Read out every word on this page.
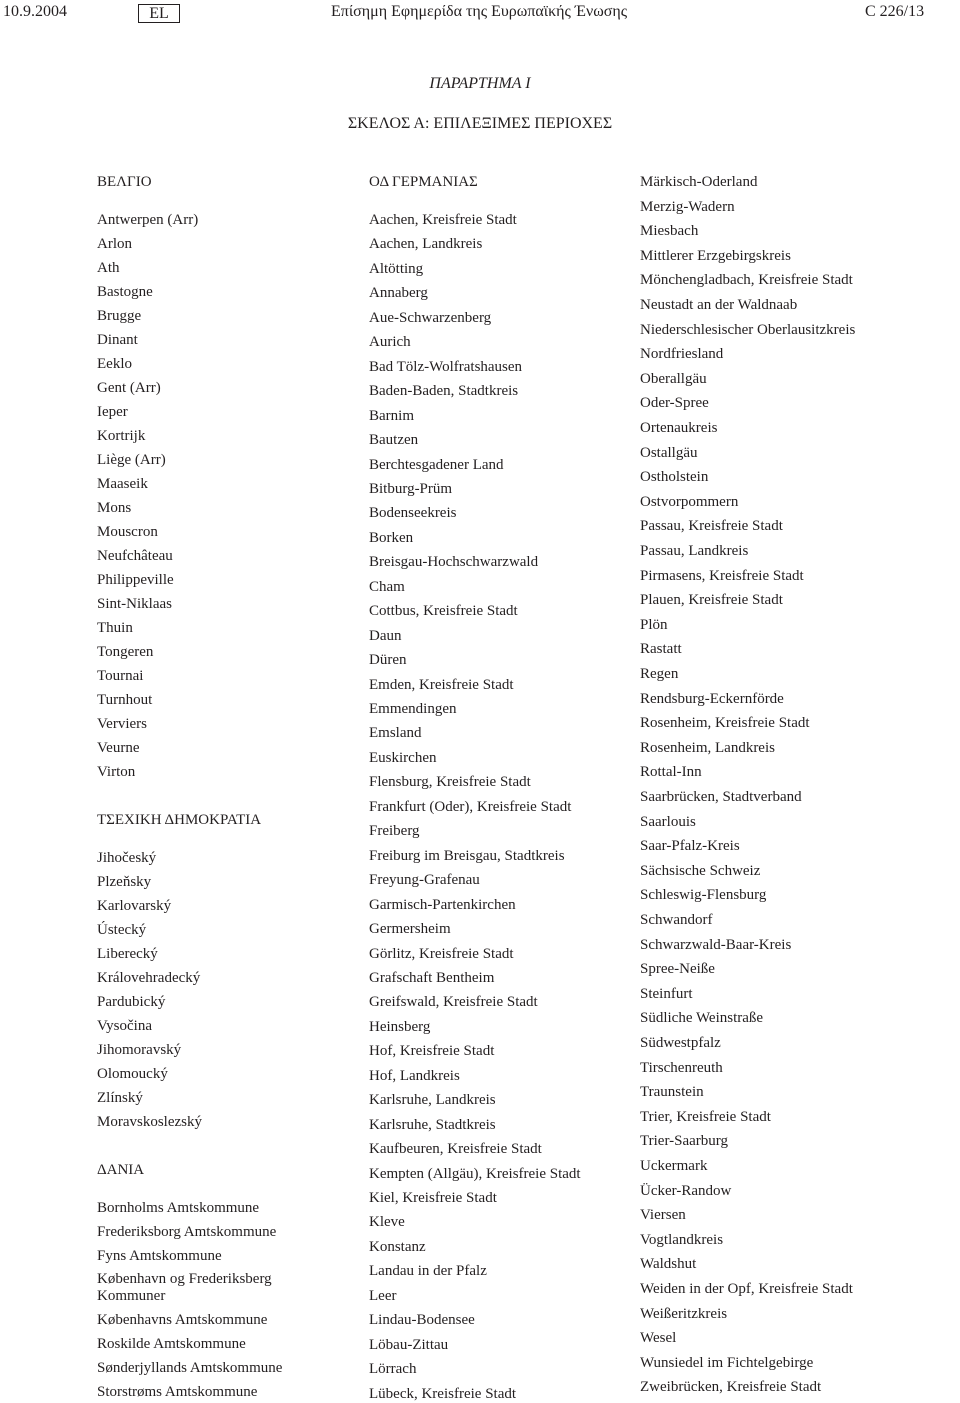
10.9.2004	EL	Επίσημη Εφημερίδα της Ευρωπαϊκής Ένωσης	C 226/13
ΠΑΡΑΡΤΗΜΑ Ι
ΣΚΕΛΟΣ Α: ΕΠΙΛΕΞΙΜΕΣ ΠΕΡΙΟΧΕΣ
ΒΕΛΓΙΟ
Antwerpen (Arr)
Arlon
Ath
Bastogne
Brugge
Dinant
Eeklo
Gent (Arr)
Ieper
Kortrijk
Liège (Arr)
Maaseik
Mons
Mouscron
Neufchâteau
Philippeville
Sint-Niklaas
Thuin
Tongeren
Tournai
Turnhout
Verviers
Veurne
Virton
ΤΣΕΧΙΚΗ ΔΗΜΟΚΡΑΤΙΑ
Jihočeský
Plzeňsky
Karlovarský
Ústecký
Liberecký
Královehradecký
Pardubický
Vysočina
Jihomoravský
Olomoucký
Zlínský
Moravskoslezský
ΔΑΝΙΑ
Bornholms Amtskommune
Frederiksborg Amtskommune
Fyns Amtskommune
København og Frederiksberg Kommuner
Københavns Amtskommune
Roskilde Amtskommune
Sønderjyllands Amtskommune
Storstrøms Amtskommune
ΟΔ ΓΕΡΜΑΝΙΑΣ
Aachen, Kreisfreie Stadt
Aachen, Landkreis
Altötting
Annaberg
Aue-Schwarzenberg
Aurich
Bad Tölz-Wolfratshausen
Baden-Baden, Stadtkreis
Barnim
Bautzen
Berchtesgadener Land
Bitburg-Prüm
Bodenseekreis
Borken
Breisgau-Hochschwarzwald
Cham
Cottbus, Kreisfreie Stadt
Daun
Düren
Emden, Kreisfreie Stadt
Emmendingen
Emsland
Euskirchen
Flensburg, Kreisfreie Stadt
Frankfurt (Oder), Kreisfreie Stadt
Freiberg
Freiburg im Breisgau, Stadtkreis
Freyung-Grafenau
Garmisch-Partenkirchen
Germersheim
Görlitz, Kreisfreie Stadt
Grafschaft Bentheim
Greifswald, Kreisfreie Stadt
Heinsberg
Hof, Kreisfreie Stadt
Hof, Landkreis
Karlsruhe, Landkreis
Karlsruhe, Stadtkreis
Kaufbeuren, Kreisfreie Stadt
Kempten (Allgäu), Kreisfreie Stadt
Kiel, Kreisfreie Stadt
Kleve
Konstanz
Landau in der Pfalz
Leer
Lindau-Bodensee
Löbau-Zittau
Lörrach
Lübeck, Kreisfreie Stadt
Märkisch-Oderland
Merzig-Wadern
Miesbach
Mittlerer Erzgebirgskreis
Mönchengladbach, Kreisfreie Stadt
Neustadt an der Waldnaab
Niederschlesischer Oberlausitzkreis
Nordfriesland
Oberallgäu
Oder-Spree
Ortenaukreis
Ostallgäu
Ostholstein
Ostvorpommern
Passau, Kreisfreie Stadt
Passau, Landkreis
Pirmasens, Kreisfreie Stadt
Plauen, Kreisfreie Stadt
Plön
Rastatt
Regen
Rendsburg-Eckernförde
Rosenheim, Kreisfreie Stadt
Rosenheim, Landkreis
Rottal-Inn
Saarbrücken, Stadtverband
Saarlouis
Saar-Pfalz-Kreis
Sächsische Schweiz
Schleswig-Flensburg
Schwandorf
Schwarzwald-Baar-Kreis
Spree-Neiße
Steinfurt
Südliche Weinstraße
Südwestpfalz
Tirschenreuth
Traunstein
Trier, Kreisfreie Stadt
Trier-Saarburg
Uckermark
Ücker-Randow
Viersen
Vogtlandkreis
Waldshut
Weiden in der Opf, Kreisfreie Stadt
Weißeritzkreis
Wesel
Wunsiedel im Fichtelgebirge
Zweibrücken, Kreisfreie Stadt
